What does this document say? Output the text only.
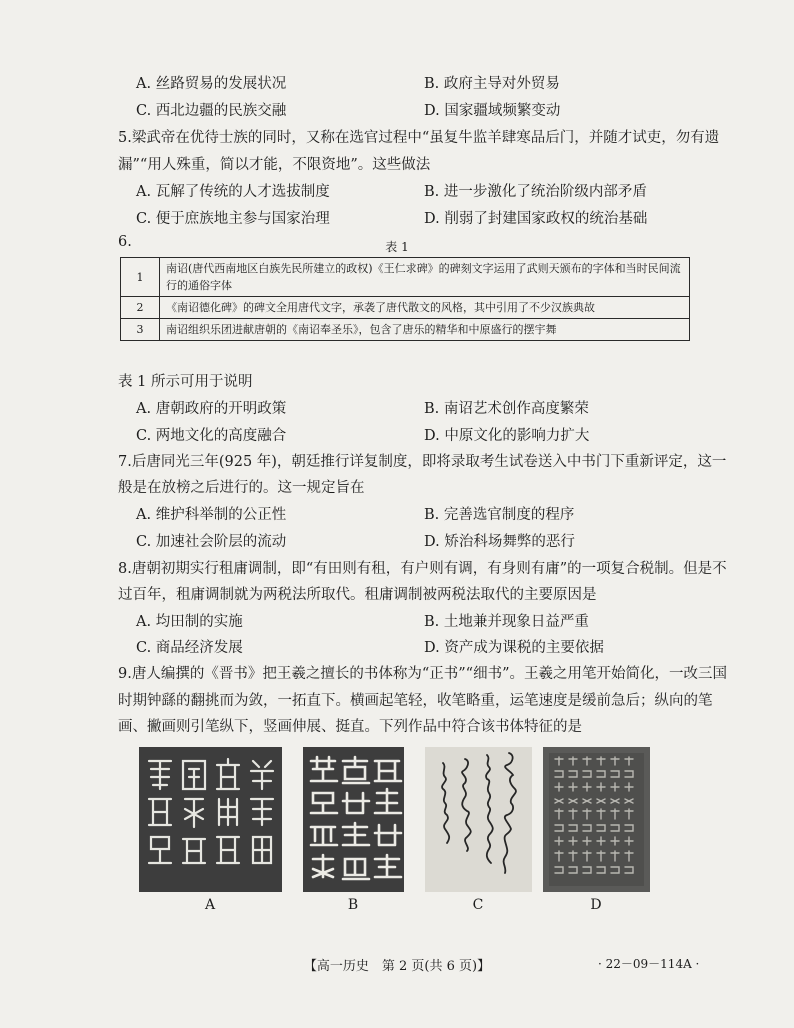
A. 丝路贸易的发展状况	B. 政府主导对外贸易
C. 西北边疆的民族交融	D. 国家疆域频繁变动
5.梁武帝在优待士族的同时，又称在选官过程中“虽复牛监羊肆寒品后门，并随才试吏，勿有遗
漏”“用人殊重，简以才能，不限资地”。这些做法
A. 瓦解了传统的人才选拔制度	B. 进一步激化了统治阶级内部矛盾
C. 便于庶族地主参与国家治理	D. 削弱了封建国家政权的统治基础
6.	表 1
1	南诏(唐代西南地区白族先民所建立的政权)《王仁求碑》的碑刻文字运用了武则天颁布的字体和当时民间流行的通俗字体
2	《南诏德化碑》的碑文全用唐代文字，承袭了唐代散文的风格，其中引用了不少汉族典故
3	南诏组织乐团进献唐朝的《南诏奉圣乐》，包含了唐乐的精华和中原盛行的摆宇舞
表 1 所示可用于说明
A. 唐朝政府的开明政策	B. 南诏艺术创作高度繁荣
C. 两地文化的高度融合	D. 中原文化的影响力扩大
7.后唐同光三年(925 年)，朝廷推行详复制度，即将录取考生试卷送入中书门下重新评定，这一
般是在放榜之后进行的。这一规定旨在
A. 维护科举制的公正性	B. 完善选官制度的程序
C. 加速社会阶层的流动	D. 矫治科场舞弊的恶行
8.唐朝初期实行租庸调制，即“有田则有租，有户则有调，有身则有庸”的一项复合税制。但是不
过百年，租庸调制就为两税法所取代。租庸调制被两税法取代的主要原因是
A. 均田制的实施	B. 土地兼并现象日益严重
C. 商品经济发展	D. 资产成为课税的主要依据
9.唐人编撰的《晋书》把王羲之擅长的书体称为“正书”“细书”。王羲之用笔开始简化，一改三国
时期钟繇的翻挑而为敛，一拓直下。横画起笔轻，收笔略重，运笔速度是缓前急后；纵向的笔
画、撇画则引笔纵下，竖画伸展、挺直。下列作品中符合该书体特征的是
A	B	C	D
【高一历史　第 2 页(共 6 页)】	· 22－09－114A ·
